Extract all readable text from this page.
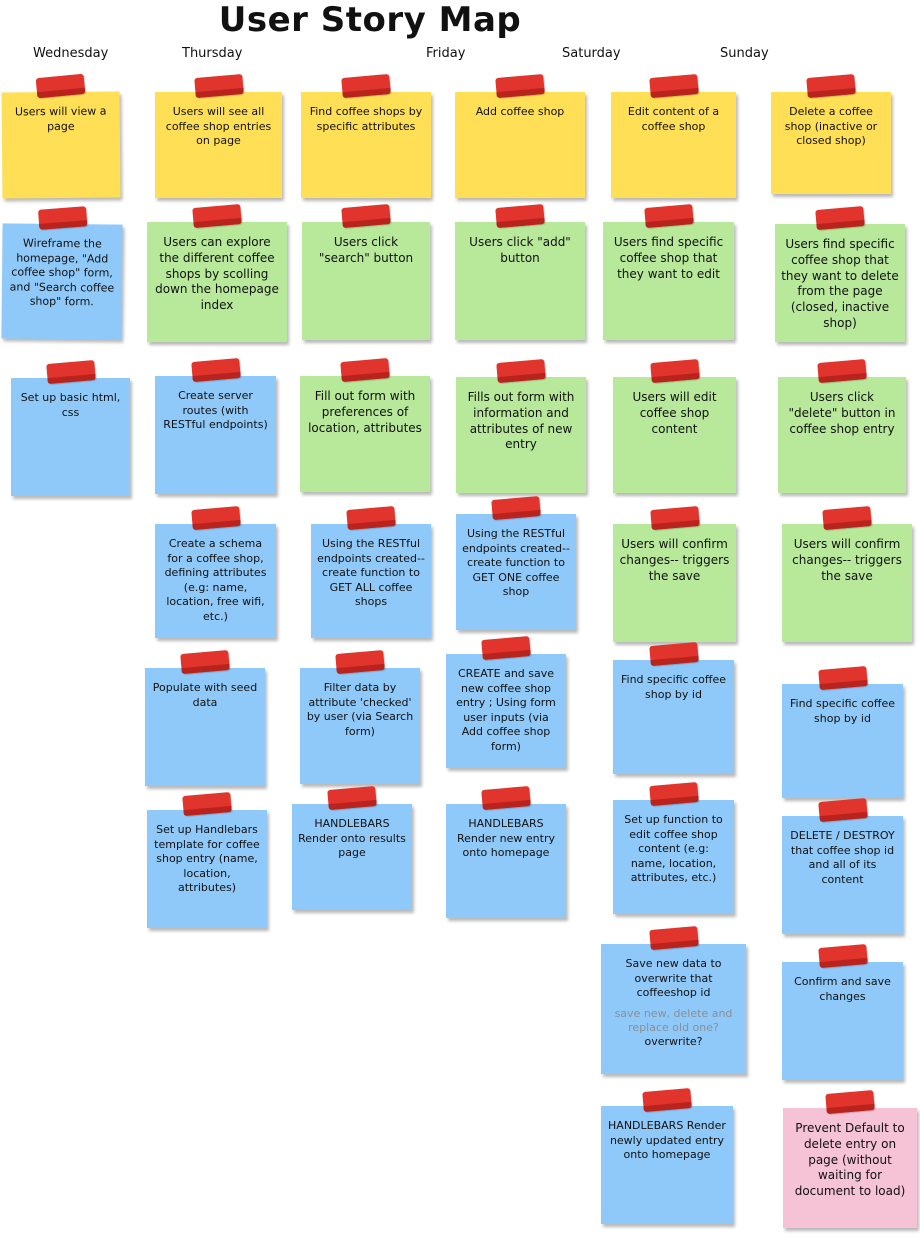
User Story Map
Wednesday	Thursday	Friday	Saturday	Sunday
Users will view a page
Users will see all coffee shop entries on page
Find coffee shops by specific attributes
Add coffee shop	Edit content of a coffee shop
Delete a coffee shop (inactive or closed shop)
Wireframe the homepage, "Add coffee shop" form, and "Search coffee shop" form.
Users can explore the different coffee shops by scolling down the homepage index
Users click "search" button
Users click "add" button
Users find specific coffee shop that they want to edit
Users find specific coffee shop that they want to delete from the page (closed, inactive shop)
Set up basic html, css
Create server routes (with RESTful endpoints)
Fill out form with preferences of location, attributes
Fills out form with information and attributes of new entry
Users will edit coffee shop content
Users click "delete" button in coffee shop entry
Create a schema for a coffee shop, defining attributes (e.g: name, location, free wifi, etc.)
Using the RESTful endpoints created-- create function to GET ALL coffee shops
Using the RESTful endpoints created-- create function to GET ONE coffee shop
Users will confirm changes-- triggers the save
Users will confirm changes-- triggers the save
Populate with seed data
Filter data by attribute 'checked' by user (via Search form)
CREATE and save new coffee shop entry ; Using form user inputs (via Add coffee shop form)
Find specific coffee shop by id
Find specific coffee shop by id
Set up Handlebars template for coffee shop entry (name, location, attributes)
HANDLEBARS Render onto results page
HANDLEBARS Render new entry onto homepage
Set up function to edit coffee shop content (e.g: name, location, attributes, etc.)
DELETE / DESTROY that coffee shop id and all of its content
Save new data to overwrite that coffeeshop id
save new, delete and replace old one?
overwrite?
Confirm and save changes
HANDLEBARS Render newly updated entry onto homepage
Prevent Default to delete entry on page (without waiting for document to load)
